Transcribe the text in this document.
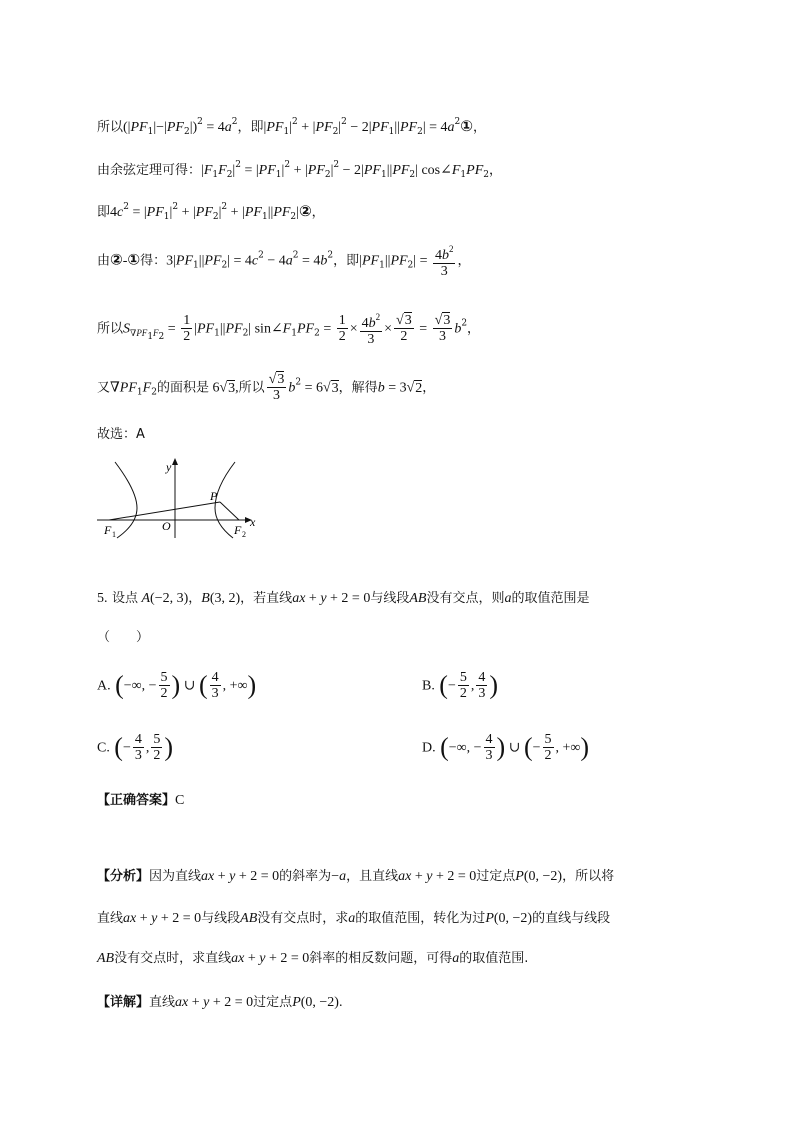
所以$(|PF_1|-|PF_2|)^2 = 4a^2$，即$|PF_1|^2 + |PF_2|^2 - 2|PF_1||PF_2|$ = $4a^2①$，
由余弦定理可得：$|F_1F_2|^2 = |PF_1|^2 + |PF_2|^2 - 2|PF_1||PF_2|$ $\cos\angle F_1PF_2$，
即$4c^2 = |PF_1|^2 + |PF_2|^2$ + $|PF_1||PF_2|②$，
由②-①得：$3|PF_1||PF_2| = 4c^2 - 4a^2 = 4b^2$，即$|PF_1||PF_2| = \frac{4b^2}{3}$ ，
所以$S_{\nabla PF_1F_2} = \frac{1}{2} |PF_1||PF_2|$ $\sin\angle F_1PF_2 = \frac{1}{2} \times \frac{4b^2}{3} \times \frac{√3}{2} = \frac{√3}{3} b^2$，
又$\nabla PF_1F_2$的面积是 6√3,所以 $\frac{√3}{3} b^2 = 6√3$，解得b = 3√2，
故选：A
y
x
P
O
F 1	F 2
5. 设点 A(−2, 3)，B(3, 2)，若直线ax + y + 2 = 0与线段AB没有交点，则a的取值范围是
（　　）
A. (−∞, − $\frac{5}{2}$ ) ∪ ( $\frac{4}{3}$ , +∞)	B. (− $\frac{5}{2}$ , $\frac{4}{3}$ )
C. (− $\frac{4}{3}$ , $\frac{5}{2}$ )	D. (−∞, − $\frac{4}{3}$ ) ∪ (− $\frac{5}{2}$ , +∞)
【正确答案】C
【分析】因为直线ax + y + 2 = 0的斜率为−a，且直线ax + y + 2 = 0过定点P(0, −2)，所以将
直线ax + y + 2 = 0与线段AB没有交点时，求a的取值范围，转化为过P(0, −2)的直线与线段
AB没有交点时，求直线ax + y + 2 = 0斜率的相反数问题，可得a的取值范围.
【详解】直线ax + y + 2 = 0过定点P(0, −2).
